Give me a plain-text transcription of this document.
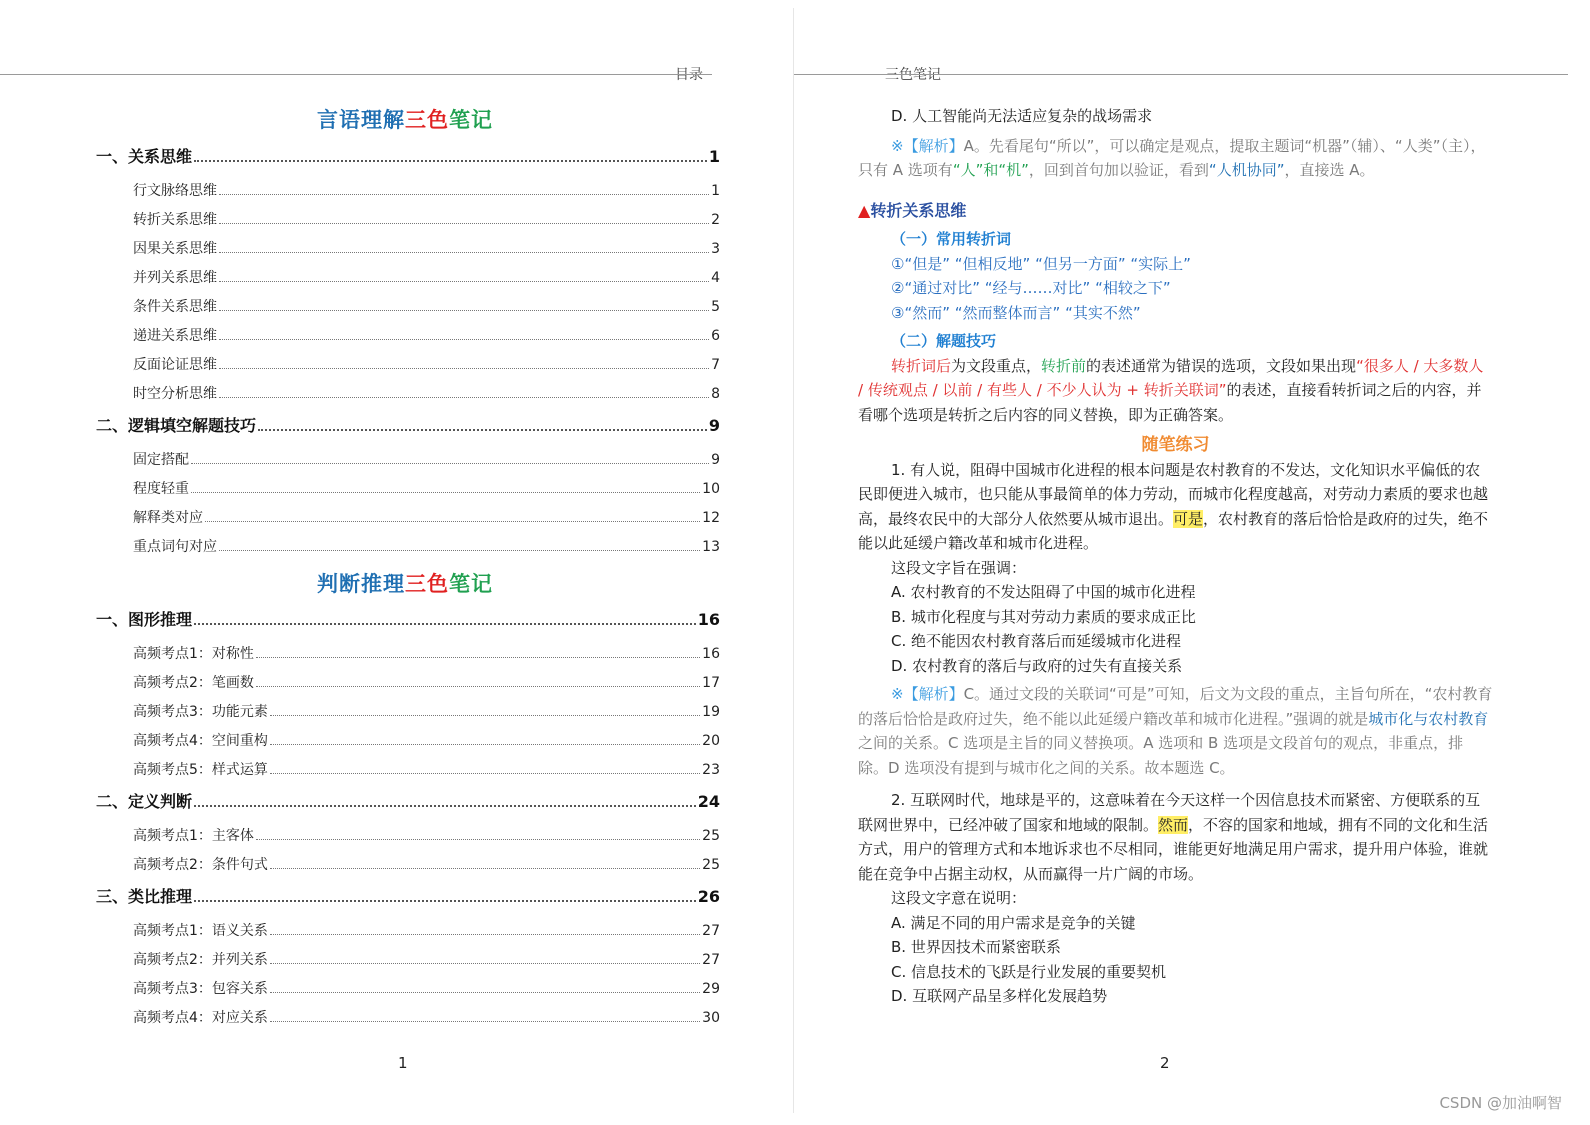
目录
言语理解三色笔记
一、关系思维	1
行文脉络思维	1
转折关系思维	2
因果关系思维	3
并列关系思维	4
条件关系思维	5
递进关系思维	6
反面论证思维	7
时空分析思维	8
二、逻辑填空解题技巧	9
固定搭配	9
程度轻重	10
解释类对应	12
重点词句对应	13
判断推理三色笔记
一、图形推理	16
高频考点1：对称性	16
高频考点2：笔画数	17
高频考点3：功能元素	19
高频考点4：空间重构	20
高频考点5：样式运算	23
二、定义判断	24
高频考点1：主客体	25
高频考点2：条件句式	25
三、类比推理	26
高频考点1：语义关系	27
高频考点2：并列关系	27
高频考点3：包容关系	29
高频考点4：对应关系	30
1
三色笔记

D. 人工智能尚无法适应复杂的战场需求

※【解析】A。先看尾句“所以”，可以确定是观点，提取主题词“机器”（辅）、“人类”（主），只有 A 选项有“人”和“机”，回到首句加以验证，看到“人机协同”，直接选 A。

▲转折关系思维

（一）常用转折词

①“但是” “但相反地” “但另一方面” “实际上”

②“通过对比” “经与……对比” “相较之下”

③“然而” “然而整体而言” “其实不然”

（二）解题技巧

转折词后为文段重点，转折前的表述通常为错误的选项，文段如果出现“很多人 / 大多数人 / 传统观点 / 以前 / 有些人 / 不少人认为 + 转折关联词”的表述，直接看转折词之后的内容，并看哪个选项是转折之后内容的同义替换，即为正确答案。

随笔练习

1. 有人说，阻碍中国城市化进程的根本问题是农村教育的不发达，文化知识水平偏低的农民即便进入城市，也只能从事最简单的体力劳动，而城市化程度越高，对劳动力素质的要求也越高，最终农民中的大部分人依然要从城市退出。可是，农村教育的落后恰恰是政府的过失，绝不能以此延缓户籍改革和城市化进程。

这段文字旨在强调：

A. 农村教育的不发达阻碍了中国的城市化进程

B. 城市化程度与其对劳动力素质的要求成正比

C. 绝不能因农村教育落后而延缓城市化进程

D. 农村教育的落后与政府的过失有直接关系

※【解析】C。通过文段的关联词“可是”可知，后文为文段的重点，主旨句所在，“农村教育的落后恰恰是政府过失，绝不能以此延缓户籍改革和城市化进程。”强调的就是城市化与农村教育之间的关系。C 选项是主旨的同义替换项。A 选项和 B 选项是文段首句的观点，非重点，排除。D 选项没有提到与城市化之间的关系。故本题选 C。

2. 互联网时代，地球是平的，这意味着在今天这样一个因信息技术而紧密、方便联系的互联网世界中，已经冲破了国家和地域的限制。然而，不容的国家和地域，拥有不同的文化和生活方式，用户的管理方式和本地诉求也不尽相同，谁能更好地满足用户需求，提升用户体验，谁就能在竞争中占据主动权，从而赢得一片广阔的市场。

这段文字意在说明：

A. 满足不同的用户需求是竞争的关键

B. 世界因技术而紧密联系

C. 信息技术的飞跃是行业发展的重要契机

D. 互联网产品呈多样化发展趋势

2
CSDN @加油啊智
